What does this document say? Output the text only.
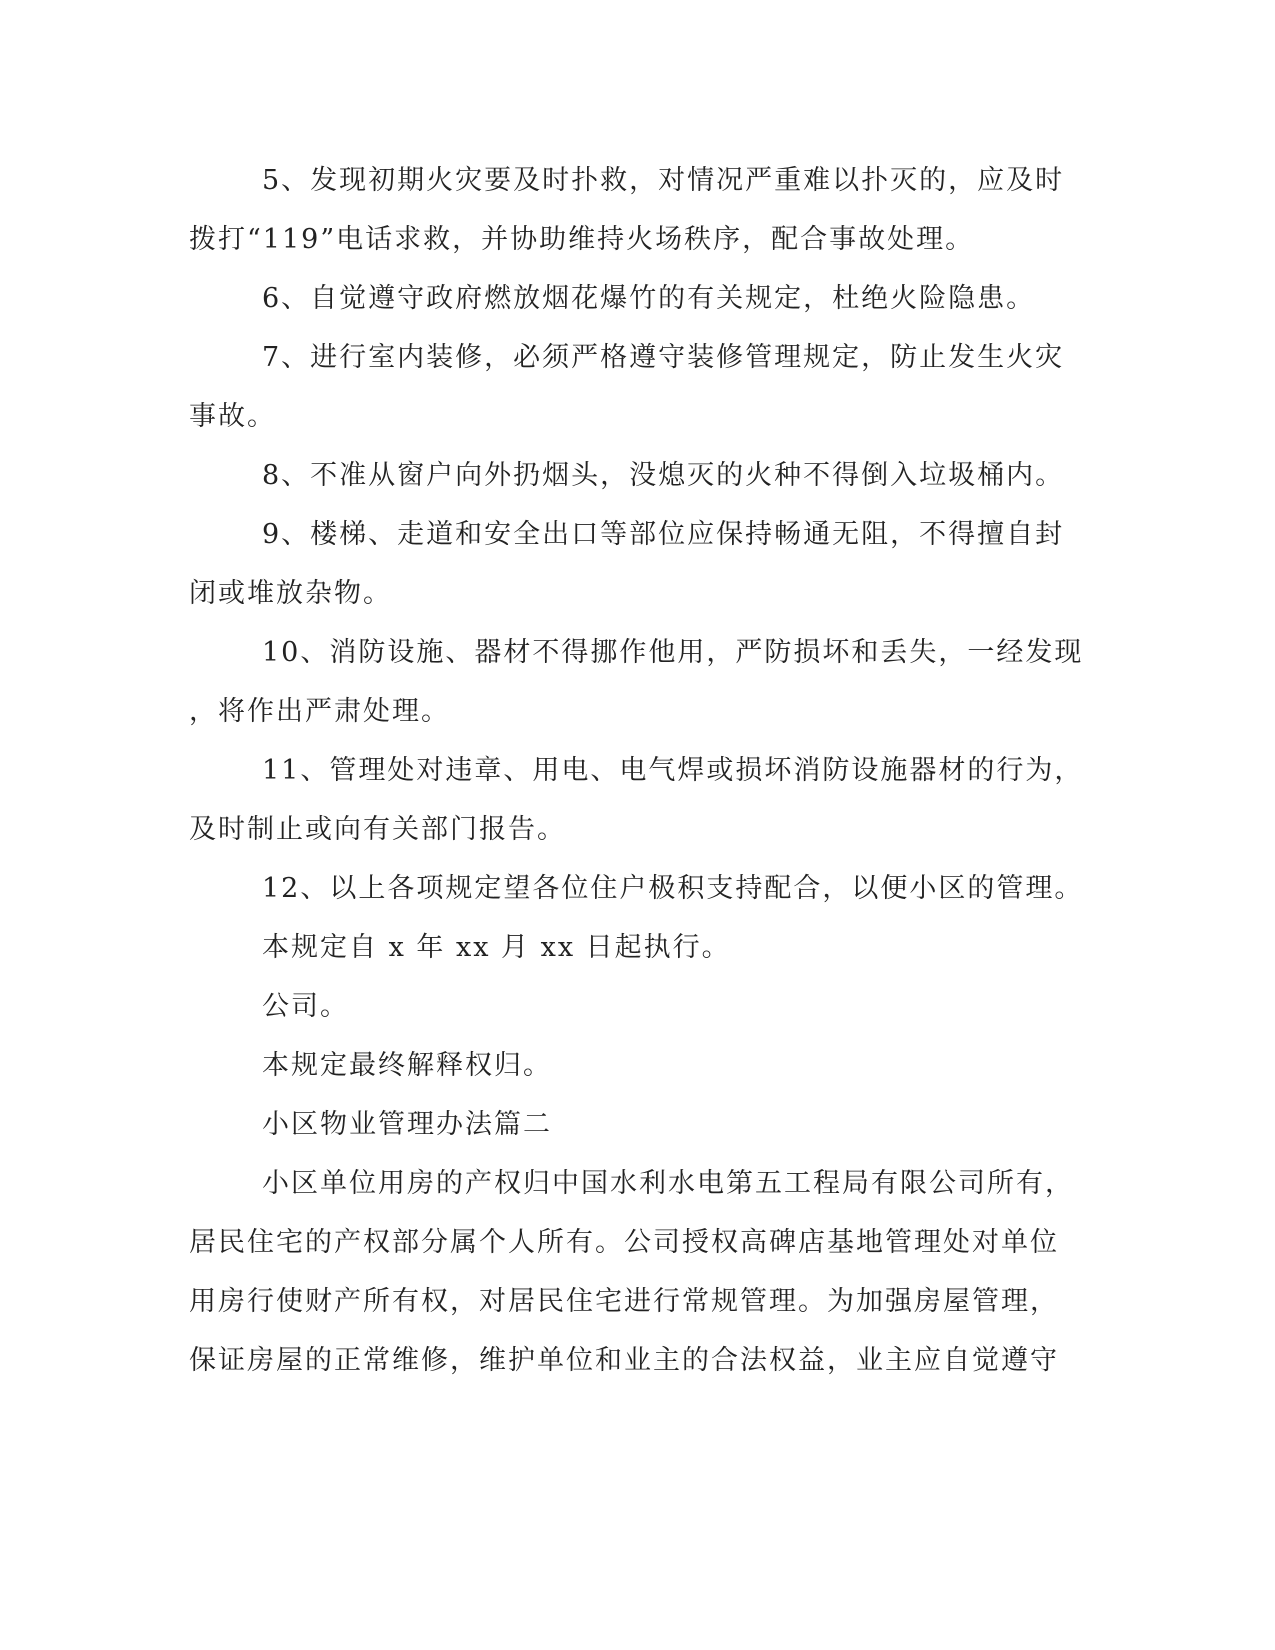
5、发现初期火灾要及时扑救，对情况严重难以扑灭的，应及时
拨打“119”电话求救，并协助维持火场秩序，配合事故处理。
6、自觉遵守政府燃放烟花爆竹的有关规定，杜绝火险隐患。
7、进行室内装修，必须严格遵守装修管理规定，防止发生火灾
事故。
8、不准从窗户向外扔烟头，没熄灭的火种不得倒入垃圾桶内。
9、楼梯、走道和安全出口等部位应保持畅通无阻，不得擅自封
闭或堆放杂物。
10、消防设施、器材不得挪作他用，严防损坏和丢失，一经发现
，将作出严肃处理。
11、管理处对违章、用电、电气焊或损坏消防设施器材的行为，
及时制止或向有关部门报告。
12、以上各项规定望各位住户极积支持配合，以便小区的管理。
本规定自 x 年 xx 月 xx 日起执行。
公司。
本规定最终解释权归。
小区物业管理办法篇二
小区单位用房的产权归中国水利水电第五工程局有限公司所有，
居民住宅的产权部分属个人所有。公司授权高碑店基地管理处对单位
用房行使财产所有权，对居民住宅进行常规管理。为加强房屋管理，
保证房屋的正常维修，维护单位和业主的合法权益，业主应自觉遵守
